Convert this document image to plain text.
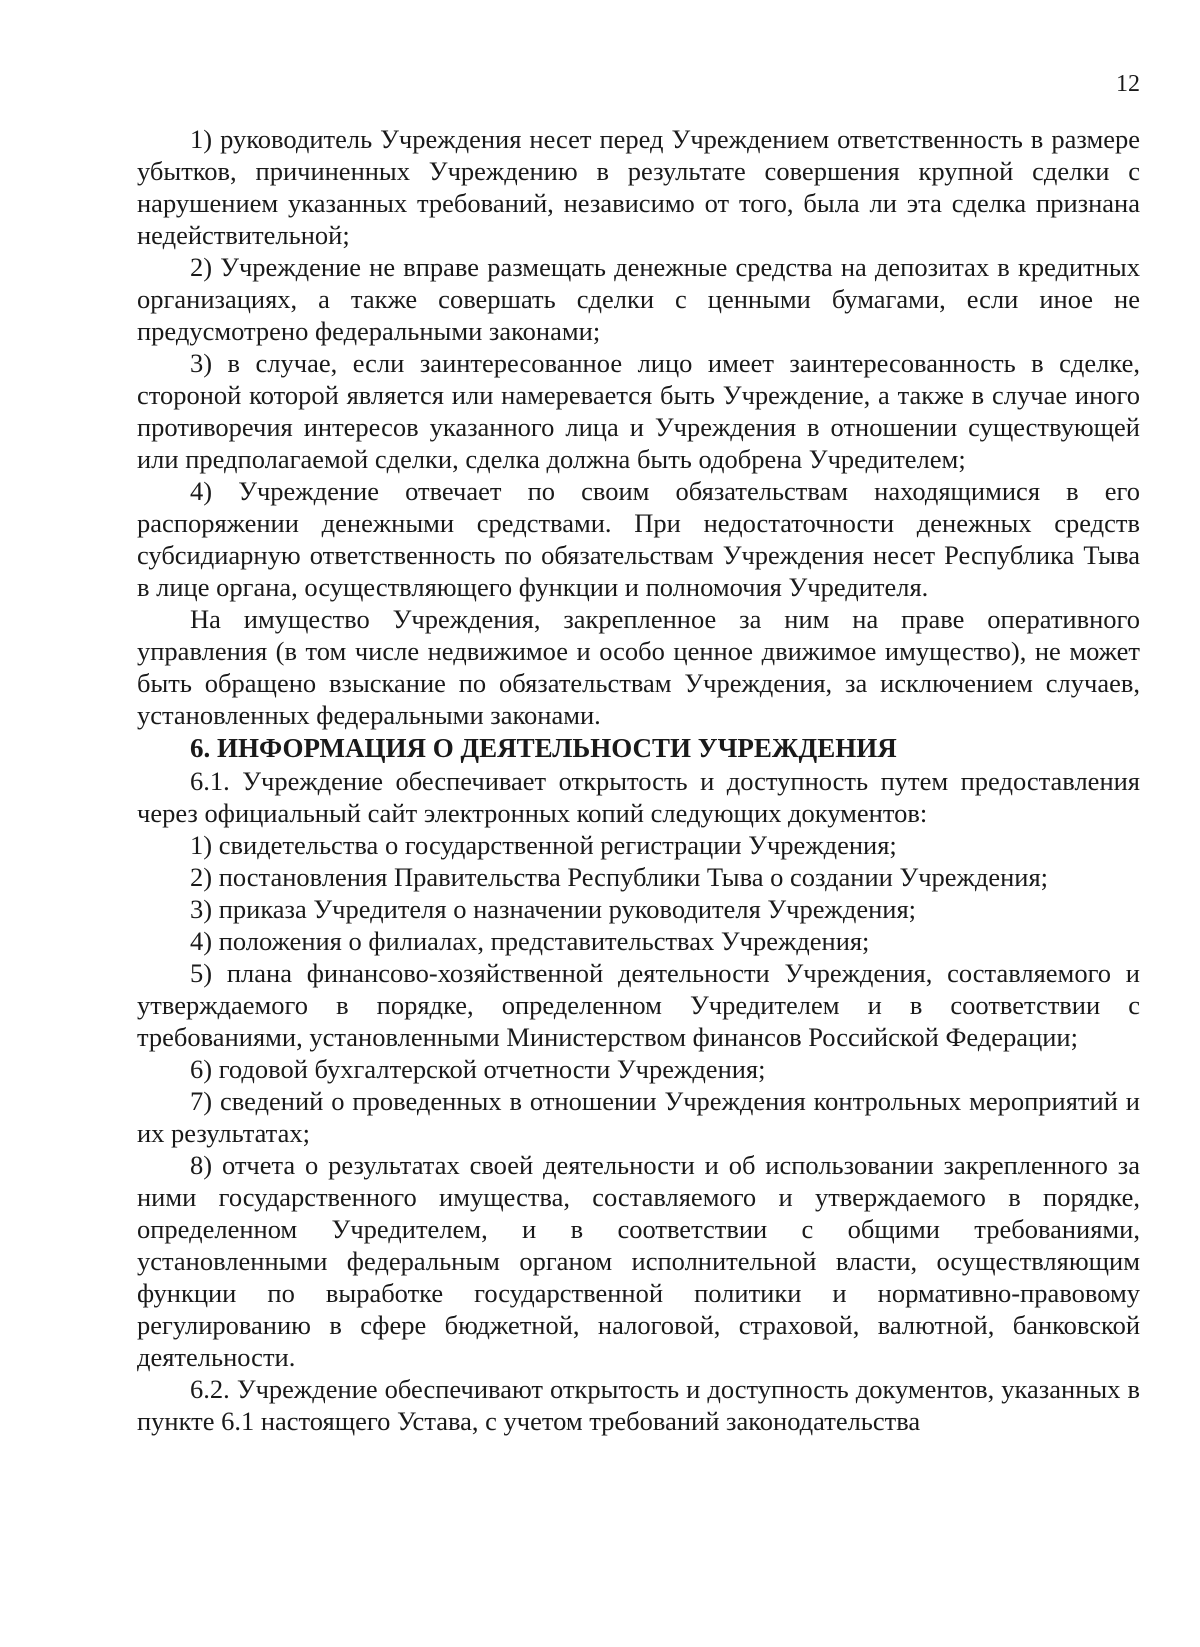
12

1) руководитель Учреждения несет перед Учреждением ответственность в размере убытков, причиненных Учреждению в результате совершения крупной сделки с нарушением указанных требований, независимо от того, была ли эта сделка признана недействительной;

2) Учреждение не вправе размещать денежные средства на депозитах в кредитных организациях, а также совершать сделки с ценными бумагами, если иное не предусмотрено федеральными законами;

3) в случае, если заинтересованное лицо имеет заинтересованность в сделке, стороной которой является или намеревается быть Учреждение, а также в случае иного противоречия интересов указанного лица и Учреждения в отношении существующей или предполагаемой сделки, сделка должна быть одобрена Учредителем;

4) Учреждение отвечает по своим обязательствам находящимися в его распоряжении денежными средствами. При недостаточности денежных средств субсидиарную ответственность по обязательствам Учреждения несет Республика Тыва в лице органа, осуществляющего функции и полномочия Учредителя.

На имущество Учреждения, закрепленное за ним на праве оперативного управления (в том числе недвижимое и особо ценное движимое имущество), не может быть обращено взыскание по обязательствам Учреждения, за исключением случаев, установленных федеральными законами.

6. ИНФОРМАЦИЯ О ДЕЯТЕЛЬНОСТИ УЧРЕЖДЕНИЯ

6.1. Учреждение обеспечивает открытость и доступность путем предоставления через официальный сайт электронных копий следующих документов:

1) свидетельства о государственной регистрации Учреждения;

2) постановления Правительства Республики Тыва о создании Учреждения;

3) приказа Учредителя о назначении руководителя Учреждения;

4) положения о филиалах, представительствах Учреждения;

5) плана финансово-хозяйственной деятельности Учреждения, составляемого и утверждаемого в порядке, определенном Учредителем и в соответствии с требованиями, установленными Министерством финансов Российской Федерации;

6) годовой бухгалтерской отчетности Учреждения;

7) сведений о проведенных в отношении Учреждения контрольных мероприятий и их результатах;

8) отчета о результатах своей деятельности и об использовании закрепленного за ними государственного имущества, составляемого и утверждаемого в порядке, определенном Учредителем, и в соответствии с общими требованиями, установленными федеральным органом исполнительной власти, осуществляющим функции по выработке государственной политики и нормативно-правовому регулированию в сфере бюджетной, налоговой, страховой, валютной, банковской деятельности.

6.2. Учреждение обеспечивают открытость и доступность документов, указанных в пункте 6.1 настоящего Устава, с учетом требований законодательства
